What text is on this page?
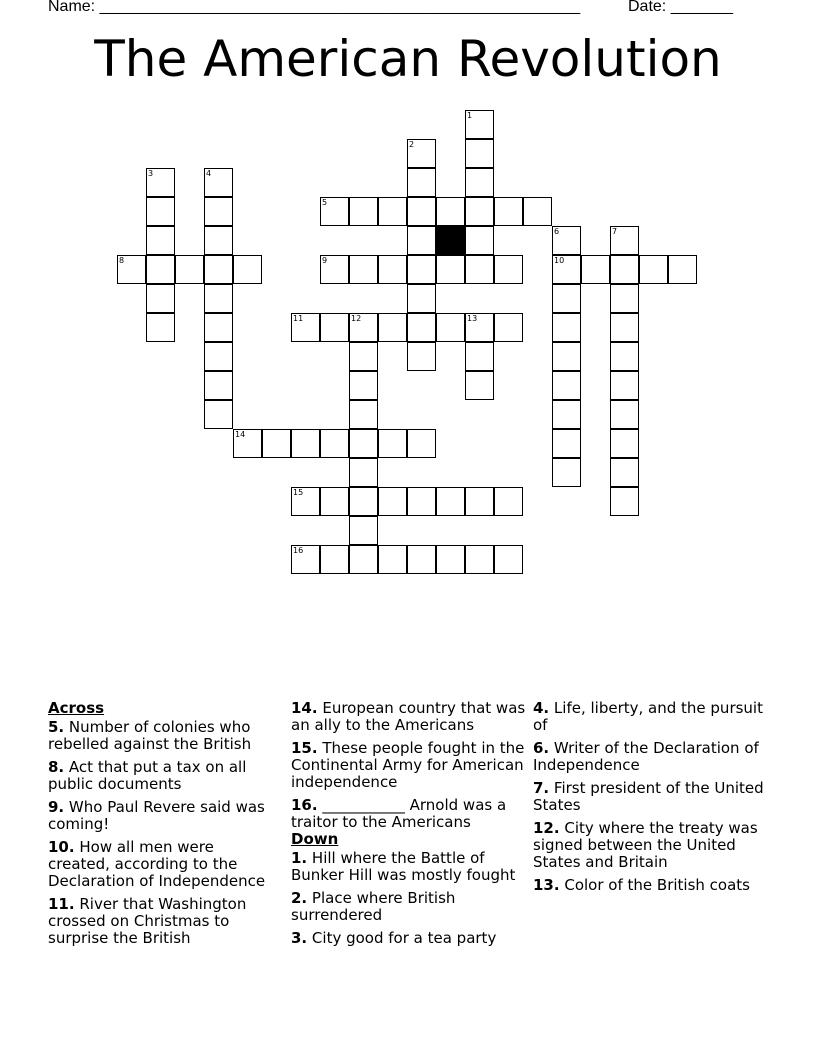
Name: ______________________________________________________	Date: _______
The American Revolution
1
2
3	4
5
6	7
8	9	10
11	12	13
14
15
16
Across
5. Number of colonies who rebelled against the British
8. Act that put a tax on all public documents
9. Who Paul Revere said was coming!
10. How all men were created, according to the Declaration of Independence
11. River that Washington crossed on Christmas to surprise the British
14. European country that was an ally to the Americans
15. These people fought in the Continental Army for American independence
16. ___________ Arnold was a traitor to the Americans
Down
1. Hill where the Battle of Bunker Hill was mostly fought
2. Place where British surrendered
3. City good for a tea party
4. Life, liberty, and the pursuit of
6. Writer of the Declaration of Independence
7. First president of the United States
12. City where the treaty was signed between the United States and Britain
13. Color of the British coats
